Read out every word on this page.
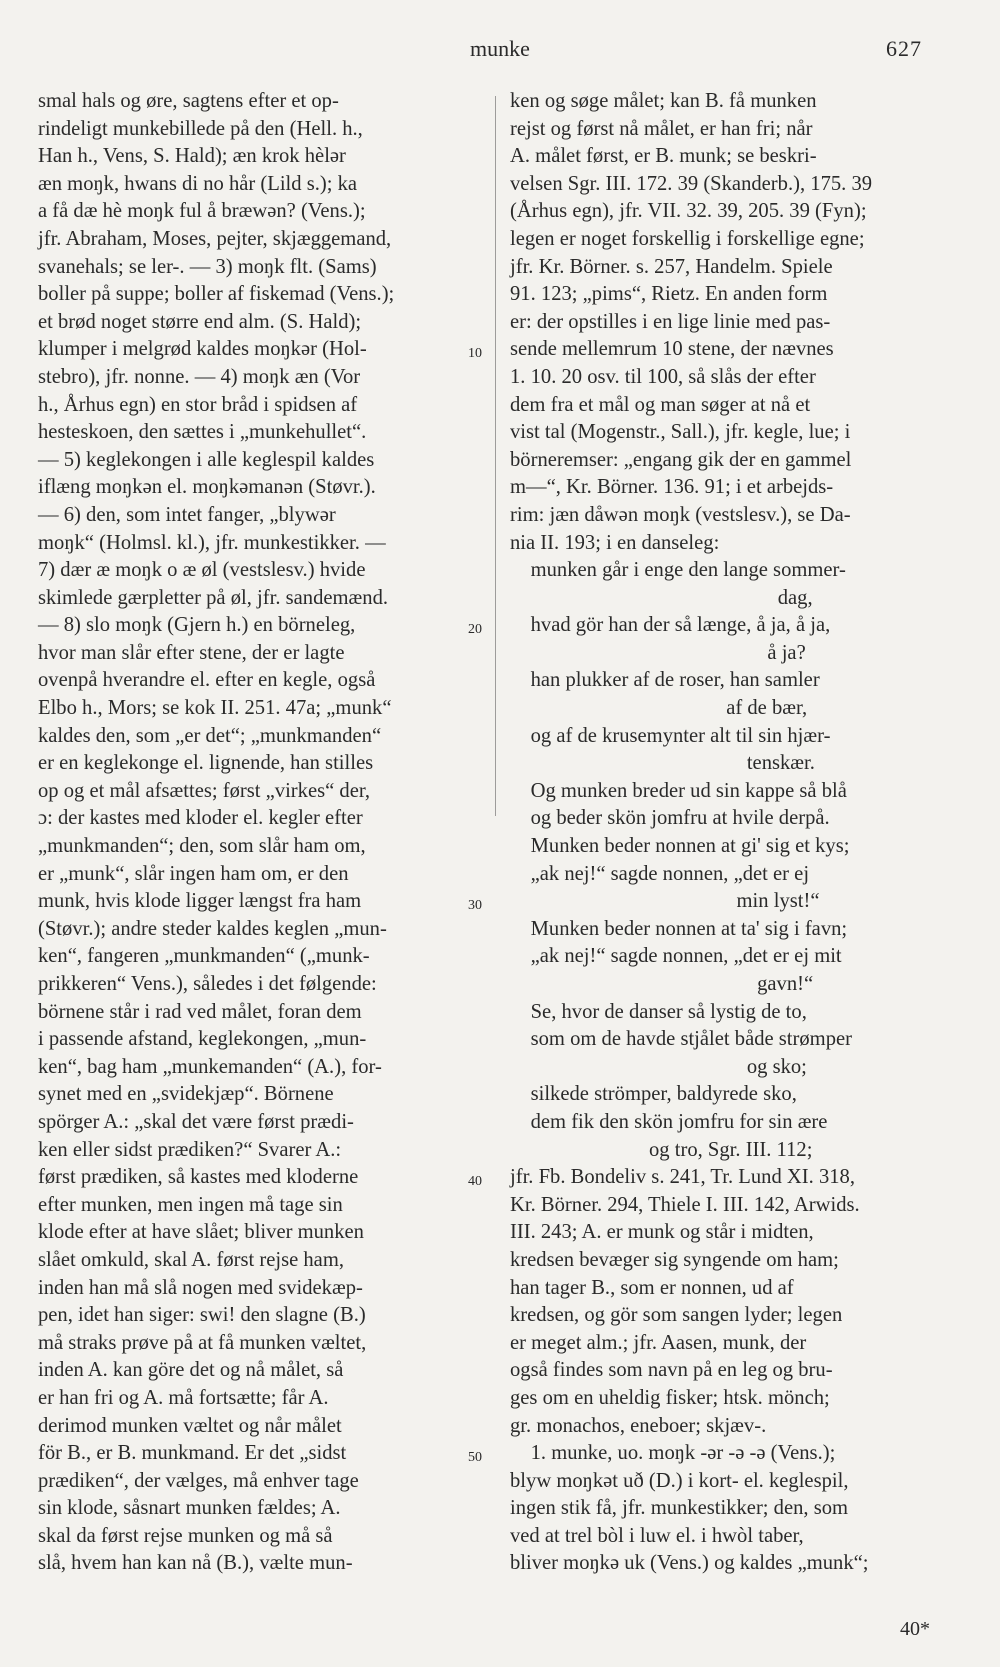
munke	627
smal hals og øre, sagtens efter et op-
rindeligt munkebillede på den (Hell. h.,
Han h., Vens, S. Hald); æn krok hèlər
æn moŋk, hwans di no hår (Lild s.); ka
a få dæ hè moŋk ful å bræwən? (Vens.);
jfr. Abraham, Moses, pejter, skjæggemand,
svanehals; se ler-. — 3) moŋk flt. (Sams)
boller på suppe; boller af fiskemad (Vens.);
et brød noget større end alm. (S. Hald);
klumper i melgrød kaldes moŋkər (Hol-
stebro), jfr. nonne. — 4) moŋk æn (Vor
h., Århus egn) en stor bråd i spidsen af
hesteskoen, den sættes i „munkehullet“.
— 5) keglekongen i alle keglespil kaldes
iflæng moŋkən el. moŋkəmanən (Støvr.).
— 6) den, som intet fanger, „blywər
moŋk“ (Holmsl. kl.), jfr. munkestikker. —
7) dær æ moŋk o æ øl (vestslesv.) hvide
skimlede gærpletter på øl, jfr. sandemænd.
— 8) slo moŋk (Gjern h.) en börneleg,
hvor man slår efter stene, der er lagte
ovenpå hverandre el. efter en kegle, også
Elbo h., Mors; se kok II. 251. 47a; „munk“
kaldes den, som „er det“; „munkmanden“
er en keglekonge el. lignende, han stilles
op og et mål afsættes; først „virkes“ der,
ɔ: der kastes med kloder el. kegler efter
„munkmanden“; den, som slår ham om,
er „munk“, slår ingen ham om, er den
munk, hvis klode ligger længst fra ham
(Støvr.); andre steder kaldes keglen „mun-
ken“, fangeren „munkmanden“ („munk-
prikkeren“ Vens.), således i det følgende:
börnene står i rad ved målet, foran dem
i passende afstand, keglekongen, „mun-
ken“, bag ham „munkemanden“ (A.), for-
synet med en „svidekjæp“. Börnene
spörger A.: „skal det være først prædi-
ken eller sidst prædiken?“ Svarer A.:
først prædiken, så kastes med kloderne
efter munken, men ingen må tage sin
klode efter at have slået; bliver munken
slået omkuld, skal A. først rejse ham,
inden han må slå nogen med svidekæp-
pen, idet han siger: swi! den slagne (B.)
må straks prøve på at få munken væltet,
inden A. kan göre det og nå målet, så
er han fri og A. må fortsætte; får A.
derimod munken væltet og når målet
för B., er B. munkmand. Er det „sidst
prædiken“, der vælges, må enhver tage
sin klode, såsnart munken fældes; A.
skal da først rejse munken og må så
slå, hvem han kan nå (B.), vælte mun-
10
20
30
40
50
ken og søge målet; kan B. få munken
rejst og først nå målet, er han fri; når
A. målet først, er B. munk; se beskri-
velsen Sgr. III. 172. 39 (Skanderb.), 175. 39
(Århus egn), jfr. VII. 32. 39, 205. 39 (Fyn);
legen er noget forskellig i forskellige egne;
jfr. Kr. Börner. s. 257, Handelm. Spiele
91. 123; „pims“, Rietz. En anden form
er: der opstilles i en lige linie med pas-
sende mellemrum 10 stene, der nævnes
1. 10. 20 osv. til 100, så slås der efter
dem fra et mål og man søger at nå et
vist tal (Mogenstr., Sall.), jfr. kegle, lue; i
börneremser: „engang gik der en gammel
m—“, Kr. Börner. 136. 91; i et arbejds-
rim: jæn dåwən moŋk (vestslesv.), se Da-
nia II. 193; i en danseleg:
munken går i enge den lange sommer-
dag,
hvad gör han der så længe, å ja, å ja,
å ja?
han plukker af de roser, han samler
af de bær,
og af de krusemynter alt til sin hjær-
tenskær.
Og munken breder ud sin kappe så blå
og beder skön jomfru at hvile derpå.
Munken beder nonnen at gi' sig et kys;
„ak nej!“ sagde nonnen, „det er ej
min lyst!“
Munken beder nonnen at ta' sig i favn;
„ak nej!“ sagde nonnen, „det er ej mit
gavn!“
Se, hvor de danser så lystig de to,
som om de havde stjålet både strømper
og sko;
silkede strömper, baldyrede sko,
dem fik den skön jomfru for sin ære
og tro, Sgr. III. 112;
jfr. Fb. Bondeliv s. 241, Tr. Lund XI. 318,
Kr. Börner. 294, Thiele I. III. 142, Arwids.
III. 243; A. er munk og står i midten,
kredsen bevæger sig syngende om ham;
han tager B., som er nonnen, ud af
kredsen, og gör som sangen lyder; legen
er meget alm.; jfr. Aasen, munk, der
også findes som navn på en leg og bru-
ges om en uheldig fisker; htsk. mönch;
gr. monachos, eneboer; skjæv-.
1. munke, uo. moŋk -ər -ə -ə (Vens.);
blyw moŋkət uð (D.) i kort- el. keglespil,
ingen stik få, jfr. munkestikker; den, som
ved at trel bòl i luw el. i hwòl taber,
bliver moŋkə uk (Vens.) og kaldes „munk“;
40*
